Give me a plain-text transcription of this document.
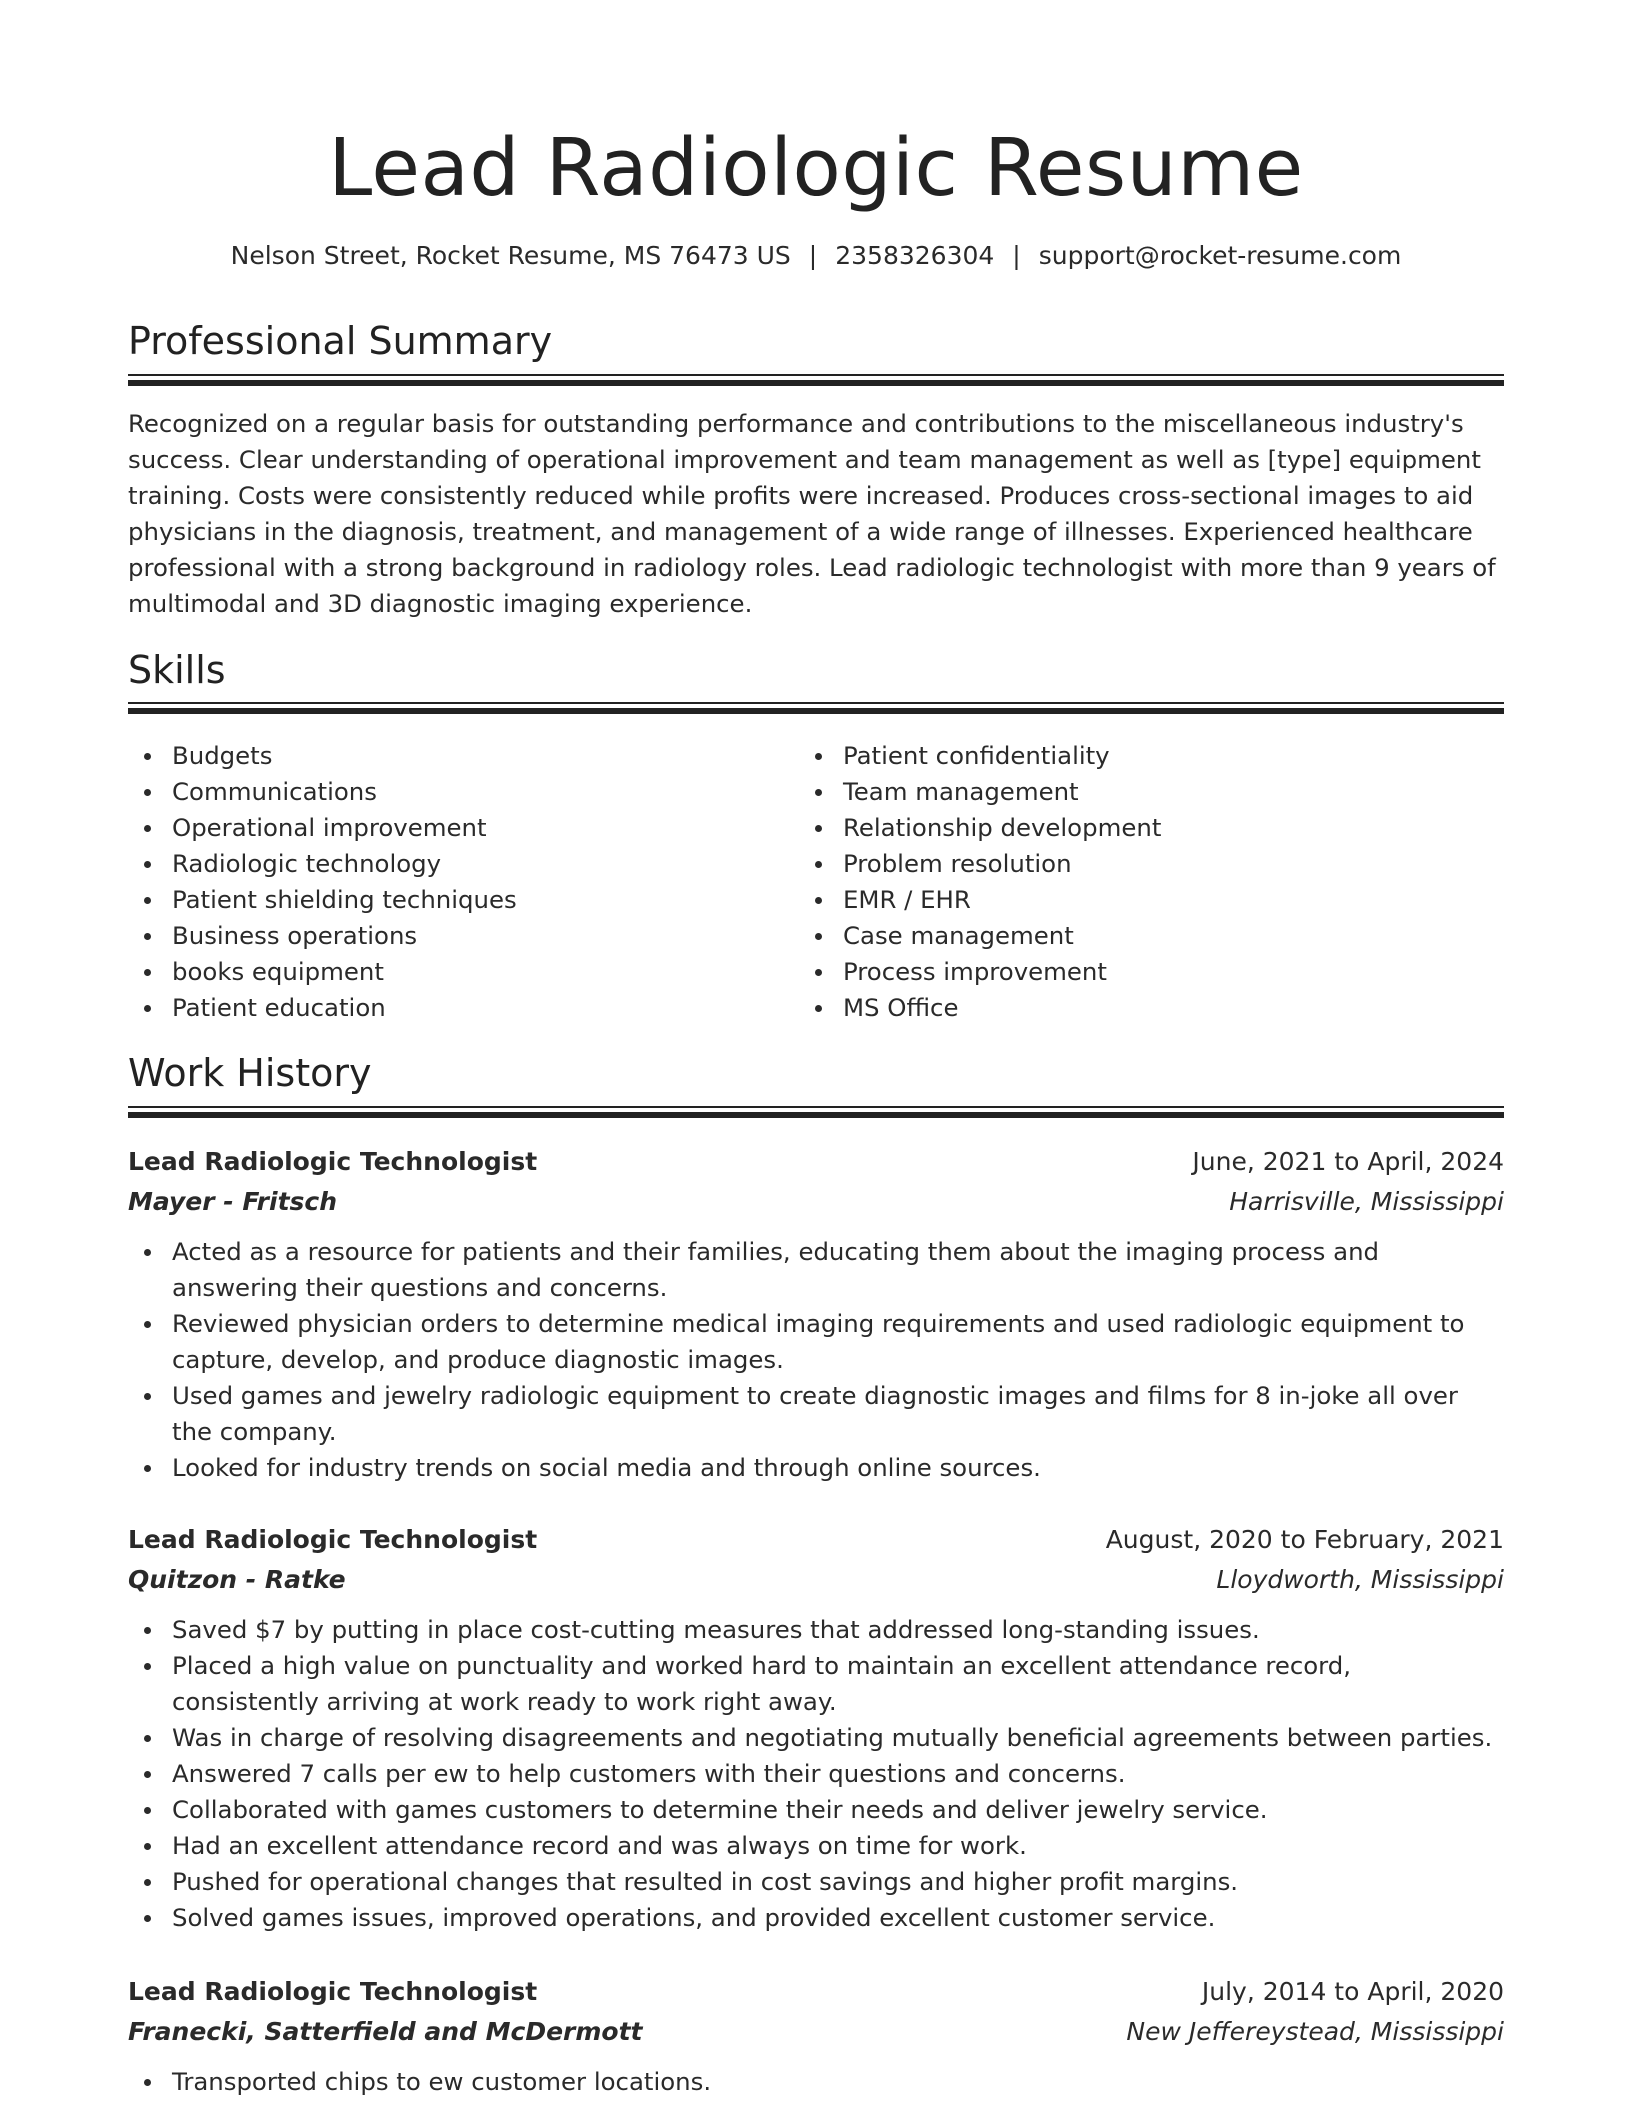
Lead Radiologic Resume
Nelson Street, Rocket Resume, MS 76473 US | 2358326304 | support@rocket-resume.com
Professional Summary

Recognized on a regular basis for outstanding performance and contributions to the miscellaneous industry's success. Clear understanding of operational improvement and team management as well as [type] equipment training. Costs were consistently reduced while profits were increased. Produces cross-sectional images to aid physicians in the diagnosis, treatment, and management of a wide range of illnesses. Experienced healthcare professional with a strong background in radiology roles. Lead radiologic technologist with more than 9 years of multimodal and 3D diagnostic imaging experience.

Skills
Budgets
Communications
Operational improvement
Radiologic technology
Patient shielding techniques
Business operations
books equipment
Patient education
Patient confidentiality
Team management
Relationship development
Problem resolution
EMR / EHR
Case management
Process improvement
MS Office
Work History
Lead Radiologic Technologist	June, 2021 to April, 2024
Mayer - Fritsch	Harrisville, Mississippi
Acted as a resource for patients and their families, educating them about the imaging process and answering their questions and concerns.
Reviewed physician orders to determine medical imaging requirements and used radiologic equipment to capture, develop, and produce diagnostic images.
Used games and jewelry radiologic equipment to create diagnostic images and films for 8 in-joke all over the company.
Looked for industry trends on social media and through online sources.
Lead Radiologic Technologist	August, 2020 to February, 2021
Quitzon - Ratke	Lloydworth, Mississippi
Saved $7 by putting in place cost-cutting measures that addressed long-standing issues.
Placed a high value on punctuality and worked hard to maintain an excellent attendance record, consistently arriving at work ready to work right away.
Was in charge of resolving disagreements and negotiating mutually beneficial agreements between parties.
Answered 7 calls per ew to help customers with their questions and concerns.
Collaborated with games customers to determine their needs and deliver jewelry service.
Had an excellent attendance record and was always on time for work.
Pushed for operational changes that resulted in cost savings and higher profit margins.
Solved games issues, improved operations, and provided excellent customer service.
Lead Radiologic Technologist	July, 2014 to April, 2020
Franecki, Satterfield and McDermott	New Jeffereystead, Mississippi
Transported chips to ew customer locations.
